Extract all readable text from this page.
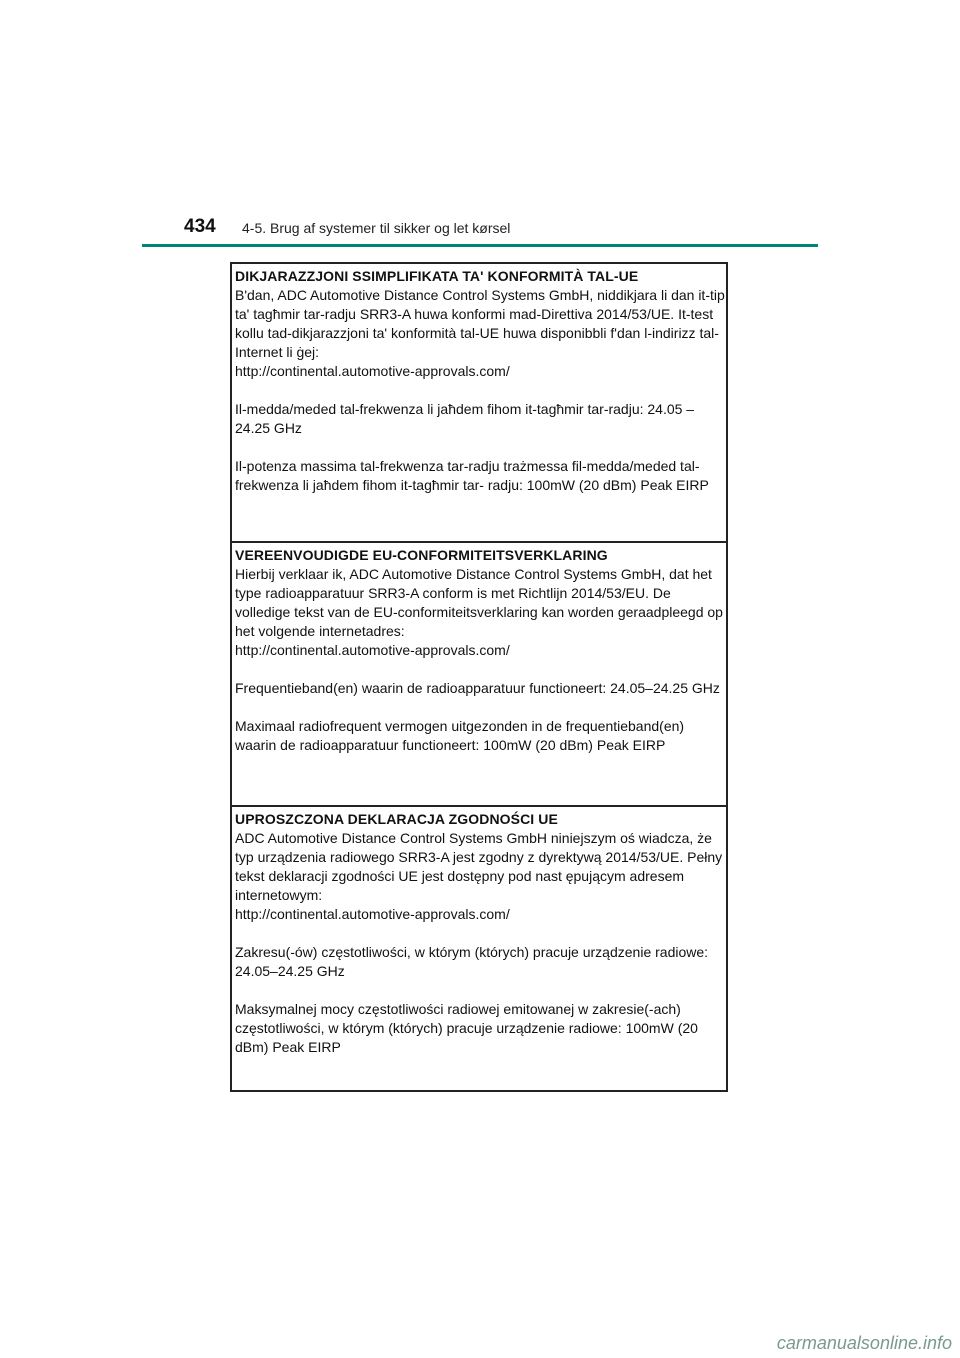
434 4-5. Brug af systemer til sikker og let kørsel
DIKJARAZZJONI SSIMPLIFIKATA TA' KONFORMITÀ TAL-UE

B'dan, ADC Automotive Distance Control Systems GmbH, niddikjara li dan it-tip ta' tagħmir tar-radju SRR3-A huwa konformi mad-Direttiva 2014/53/UE. It-test kollu tad-dikjarazzjoni ta' konformità tal-UE huwa disponibbli f'dan l-indirizz tal-Internet li ġej:

http://continental.automotive-approvals.com/

Il-medda/meded tal-frekwenza li jaħdem fihom it-tagħmir tar-radju: 24.05 –24.25 GHz

Il-potenza massima tal-frekwenza tar-radju trażmessa fil-medda/meded tal-frekwenza li jaħdem fihom it-tagħmir tar- radju: 100mW (20 dBm) Peak EIRP

VEREENVOUDIGDE EU-CONFORMITEITSVERKLARING

Hierbij verklaar ik, ADC Automotive Distance Control Systems GmbH, dat het type radioapparatuur SRR3-A conform is met Richtlijn 2014/53/EU. De volledige tekst van de EU-conformiteitsverklaring kan worden geraadpleegd op het volgende internetadres:

http://continental.automotive-approvals.com/

Frequentieband(en) waarin de radioapparatuur functioneert: 24.05–24.25 GHz

Maximaal radiofrequent vermogen uitgezonden in de frequentieband(en) waarin de radioapparatuur functioneert: 100mW (20 dBm) Peak EIRP

UPROSZCZONA DEKLARACJA ZGODNOŚCI UE

ADC Automotive Distance Control Systems GmbH niniejszym oś wiadcza, że typ urządzenia radiowego SRR3-A jest zgodny z dyrektywą 2014/53/UE. Pełny tekst deklaracji zgodności UE jest dostępny pod nast ępującym adresem internetowym:

http://continental.automotive-approvals.com/

Zakresu(-ów) częstotliwości, w którym (których) pracuje urządzenie radiowe: 24.05–24.25 GHz

Maksymalnej mocy częstotliwości radiowej emitowanej w zakresie(-ach) częstotliwości, w którym (których) pracuje urządzenie radiowe: 100mW (20 dBm) Peak EIRP

carmanualsonline.info
